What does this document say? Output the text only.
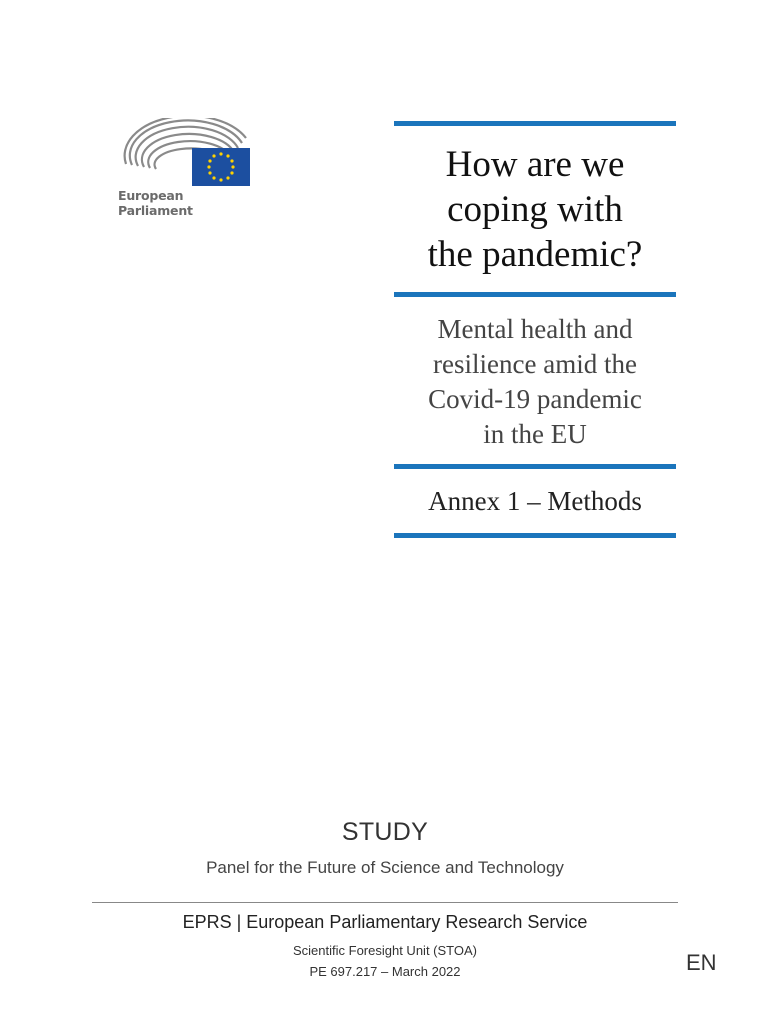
European Parliament
How are we
coping with
the pandemic?
Mental health and
resilience amid the
Covid-19 pandemic
in the EU
Annex 1 – Methods
STUDY
Panel for the Future of Science and Technology
EPRS | European Parliamentary Research Service
Scientific Foresight Unit (STOA)
PE 697.217 – March 2022	EN
